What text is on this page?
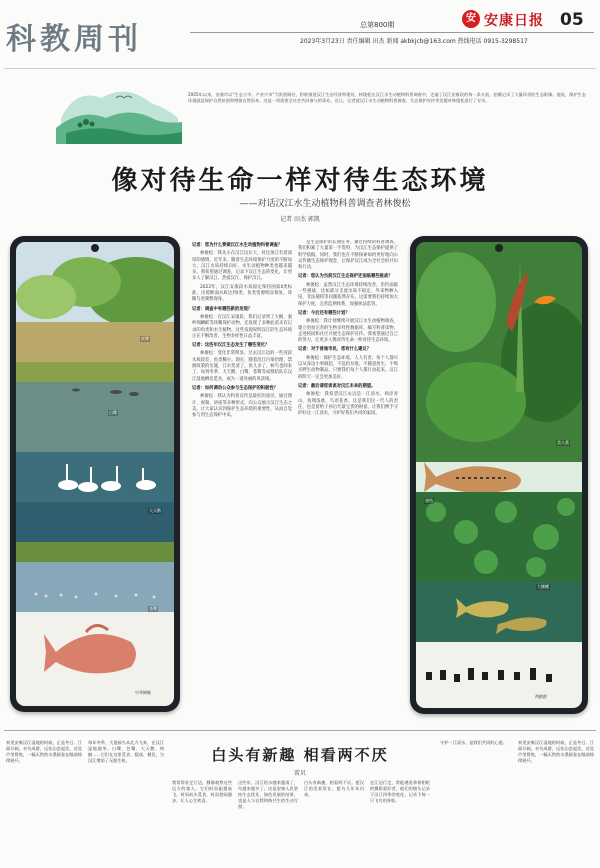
科教周刊	总第800期
2023年3月23日 责任编辑 田杰 新闻 akbkjcb@163.com 热线电话 0915-3298517
安 安康日报 05
2005年以来，安康市以“生态立市、产业兴市”为发展路径，积极推进汉江生态经济带建设，林俊松在汉江水生动植物科普调查中，走遍了汉江安康段的每一条支流，拍摄记录了大量珍贵的生态影像。他说，保护生态环境就是保护自然价值和增值自然资本，这是一项需要全社会共同参与的事业。近日，记者就汉江水生动植物科普调查、生态保护宣传等话题对林俊松进行了专访。
像对待生命一样对待生态环境
——对话汉江水生动植物科普调查者林俊松
记者 田杰 郭凯
夜鹭
白鹭
大天鹅
苍鹭
中华鳑鲏
美人蕉
唐鱼
大鳍鳠
鸬鹚群

记者：您为什么要做汉江水生动植物科普调查？

林俊松：我从小在汉江边长大，对这条江有着深厚的感情。近年来，随着生态环境保护力度的不断加大，汉江水质持续向好，水生动植物种类也越来越多。我希望通过调查，记录下汉江生态的变化，让更多人了解汉江、热爱汉江、保护汉江。

2023年，汉江安康段水质稳定保持国家Ⅱ类标准，出境断面水质达到Ⅰ类，鱼类资源明显恢复，珍稀鸟类频繁现身。

记者：调查中有哪些新的发现？

林俊松：在汉江安康段，我们记录到了大鲵、秦岭细鳞鲑等珍稀保护动物，还发现了多种此前未有记录的鱼类和水生植物。这些发现说明汉江的生态环境正在不断改善，生物多样性日益丰富。

记者：这些年汉江生态发生了哪些变化？

林俊松：变化非常明显。过去汉江边的一些河段水质较差，鱼类稀少。现在，随着沿江污染治理、禁渔政策的实施，江水变清了，鱼儿多了，候鸟也回来了。每到冬季，大天鹅、白鹭、苍鹭等成群结队在汉江湿地栖息觅食，成为一道亮丽的风景线。

记者：如何调动公众参与生态保护的积极性？

林俊松：我认为科普宣传是最好的途径。通过图片、视频、讲座等多种形式，向公众展示汉江生态之美，让大家认识到保护生态环境的重要性，从而自觉参与到生态保护中来。

是生态保护的长期任务。通过持续的科普调查，我们积累了大量第一手资料，为汉江生态保护提供了科学依据。同时，我们也在不断探索如何更好地向公众传播生态保护理念，让保护汉江成为全社会的共识和行动。

记者：您认为当前汉江生态保护还面临哪些挑战？

林俊松：虽然汉江生态环境持续改善，但仍面临一些挑战，比如部分支流水质不稳定、外来物种入侵、非法捕捞等问题依然存在。这需要我们持续加大保护力度，完善监测体系，加强执法监管。

记者：今后还有哪些计划？

林俊松：我计划继续开展汉江水生动植物调查，建立更加完善的生物多样性数据库，编写科普读物，走进校园和社区开展生态保护宣传。我希望通过自己的努力，让更多人像对待生命一样对待生态环境。

记者：对于普通市民，您有什么建议？

林俊松：保护生态环境，人人有责。每个人都可以从身边小事做起，不乱扔垃圾，不随意放生，不购买野生动物制品。只要我们每个人都行动起来，汉江的明天一定会更加美好。

记者：最后请您谈谈对汉江未来的期望。

林俊松：我希望汉江永远是一江清水，两岸青山，鱼翔浅底，鸟语花香。这是我们这一代人的责任，也是留给子孙后代最宝贵的财富。让我们携手守护好这一江清水，守护好我们共同的家园。

白头有新趣 相看两不厌
雷贝
初见安康汉江湿地的时候，正是冬日。江面开阔，水鸟成群，远处山峦起伏，近处芦苇摇曳，一幅天然的水墨画卷在眼前徐徐展开。
每年冬季，大批候鸟从北方飞来，在汉江湿地越冬。白鹭、苍鹭、大天鹅、鸬鹚……它们在这里觅食、嬉戏、栖息，为汉江增添了无限生机。
我常常驻足江边，静静观察这些远方的客人。它们时而振翅高飞，时而低头觅食，时而悠闲漫步，让人心生欢喜。
这些年，汉江的水越来越清了，鸟越来越多了。这是安康人民坚持生态优先、绿色发展的结果，也是人与自然和谐共生的生动写照。
白头有新趣，相看两不厌。愿汉江的美景常在，愿鸟儿年年归来。
在江边行走，常能遇见拿着相机的摄影爱好者，他们用镜头记录下汉江四季的变化，记录下每一只飞鸟的身影。
守护一江清水，是我们共同的心愿。	初见安康汉江湿地的时候，正是冬日。江面开阔，水鸟成群，远处山峦起伏，近处芦苇摇曳，一幅天然的水墨画卷在眼前徐徐展开。
